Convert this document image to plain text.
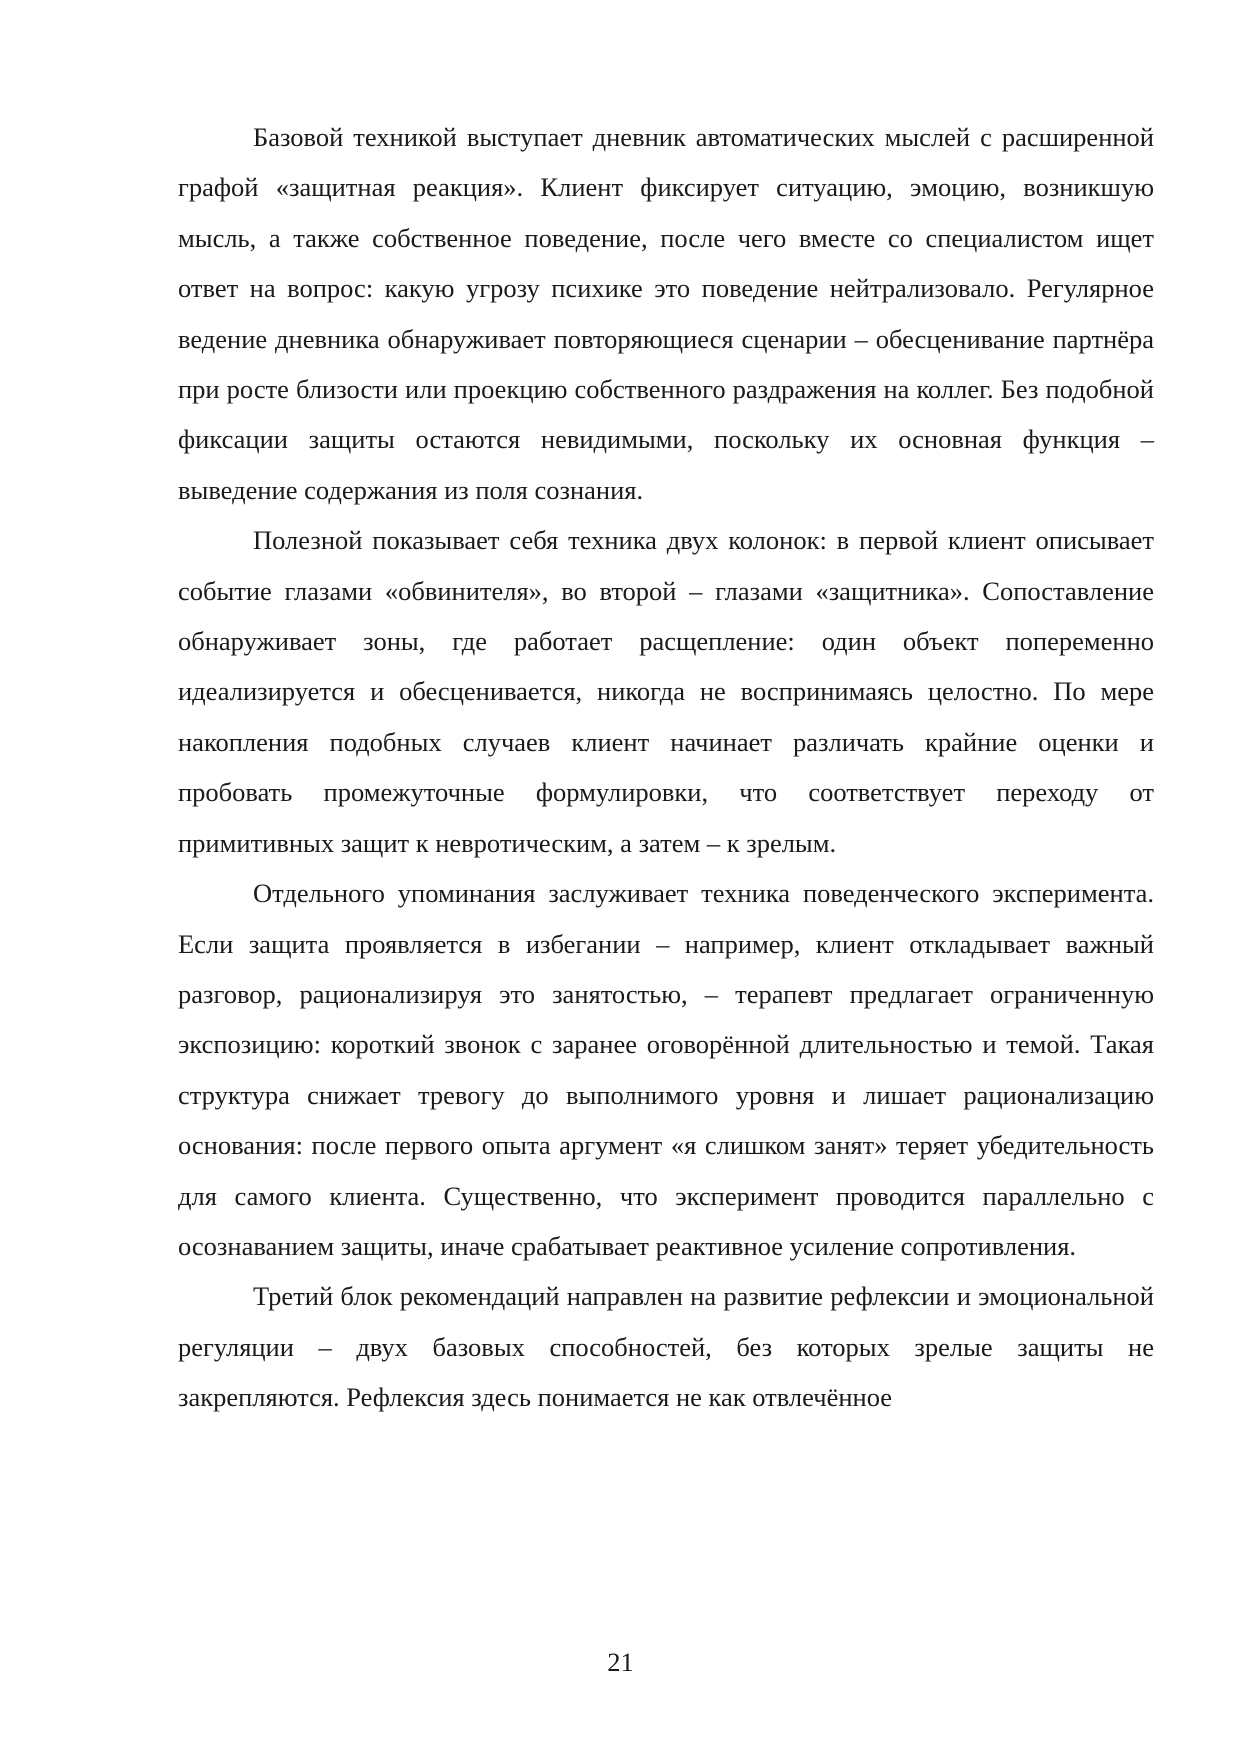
Базовой техникой выступает дневник автоматических мыслей с расширенной графой «защитная реакция». Клиент фиксирует ситуацию, эмоцию, возникшую мысль, а также собственное поведение, после чего вместе со специалистом ищет ответ на вопрос: какую угрозу психике это поведение нейтрализовало. Регулярное ведение дневника обнаруживает повторяющиеся сценарии – обесценивание партнёра при росте близости или проекцию собственного раздражения на коллег. Без подобной фиксации защиты остаются невидимыми, поскольку их основная функция – выведение содержания из поля сознания.

Полезной показывает себя техника двух колонок: в первой клиент описывает событие глазами «обвинителя», во второй – глазами «защитника». Сопоставление обнаруживает зоны, где работает расщепление: один объект попеременно идеализируется и обесценивается, никогда не воспринимаясь целостно. По мере накопления подобных случаев клиент начинает различать крайние оценки и пробовать промежуточные формулировки, что соответствует переходу от примитивных защит к невротическим, а затем – к зрелым.

Отдельного упоминания заслуживает техника поведенческого эксперимента. Если защита проявляется в избегании – например, клиент откладывает важный разговор, рационализируя это занятостью, – терапевт предлагает ограниченную экспозицию: короткий звонок с заранее оговорённой длительностью и темой. Такая структура снижает тревогу до выполнимого уровня и лишает рационализацию основания: после первого опыта аргумент «я слишком занят» теряет убедительность для самого клиента. Существенно, что эксперимент проводится параллельно с осознаванием защиты, иначе срабатывает реактивное усиление сопротивления.

Третий блок рекомендаций направлен на развитие рефлексии и эмоциональной регуляции – двух базовых способностей, без которых зрелые защиты не закрепляются. Рефлексия здесь понимается не как отвлечённое

21
